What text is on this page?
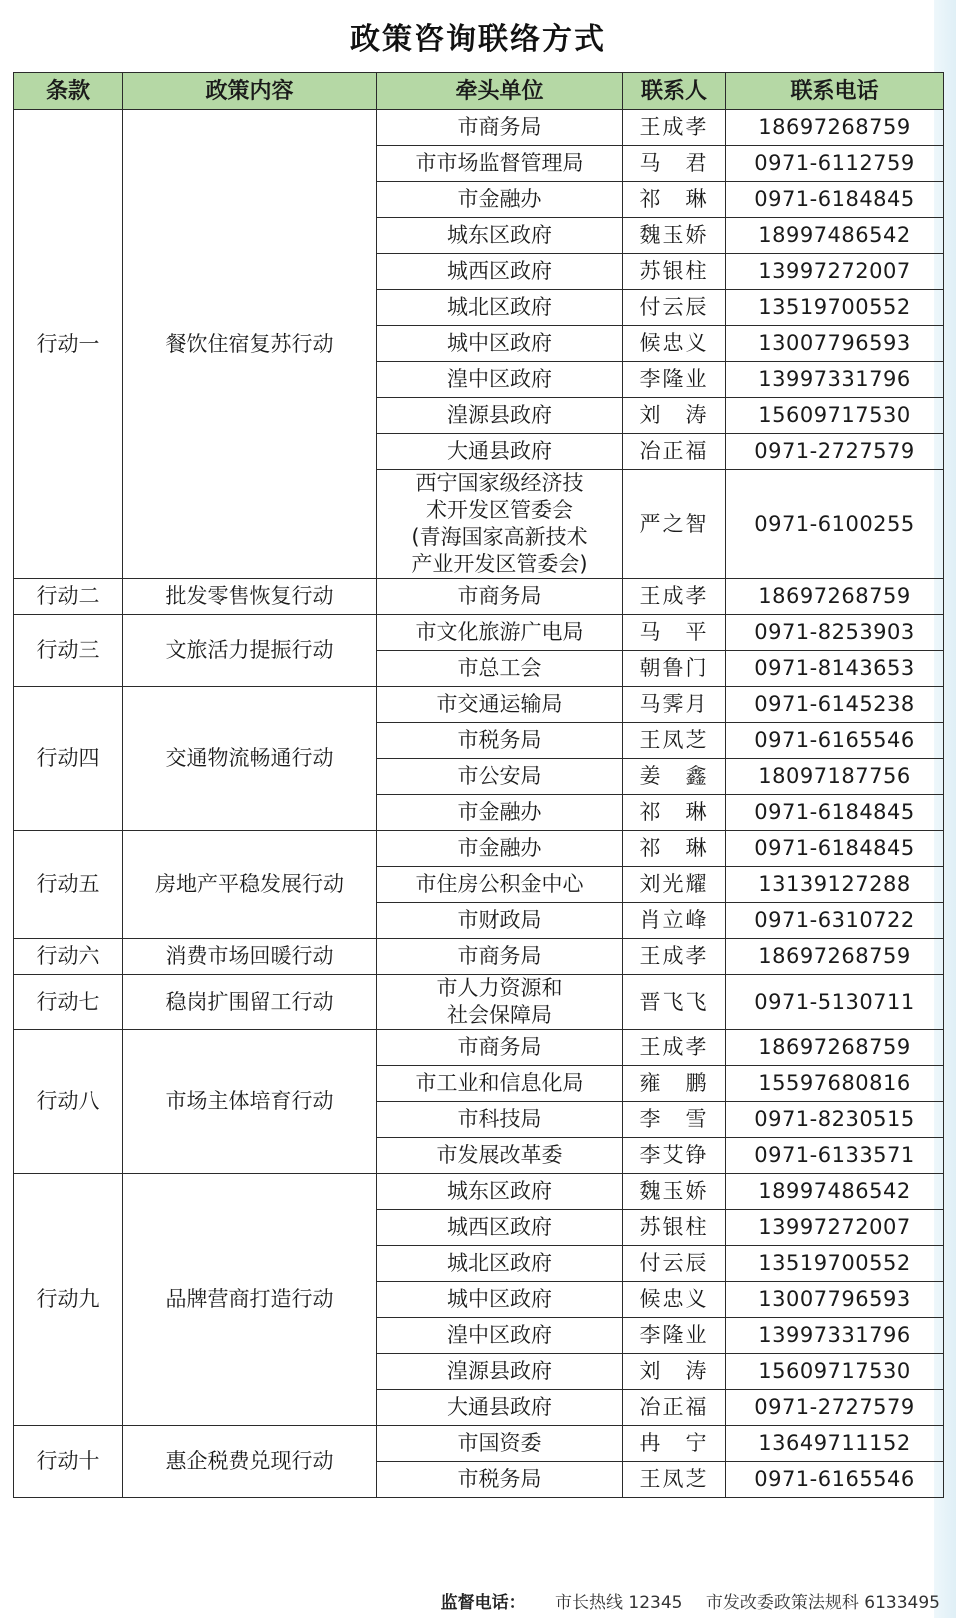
政策咨询联络方式
条款	政策内容	牵头单位	联系人	联系电话
行动一	餐饮住宿复苏行动	市商务局	王成孝	18697268759
		市市场监督管理局	马　君	0971-6112759
		市金融办	祁　琳	0971-6184845
		城东区政府	魏玉娇	18997486542
		城西区政府	苏银柱	13997272007
		城北区政府	付云辰	13519700552
		城中区政府	候忠义	13007796593
		湟中区政府	李隆业	13997331796
		湟源县政府	刘　涛	15609717530
		大通县政府	冶正福	0971-2727579

		西宁国家级经济技
术开发区管委会
(青海国家高新技术
产业开发区管委会)	严之智	0971-6100255
行动二	批发零售恢复行动	市商务局	王成孝	18697268759
行动三	文旅活力提振行动	市文化旅游广电局	马　平	0971-8253903
		市总工会	朝鲁门	0971-8143653
行动四	交通物流畅通行动	市交通运输局	马霁月	0971-6145238
		市税务局	王凤芝	0971-6165546
		市公安局	姜　鑫	18097187756
		市金融办	祁　琳	0971-6184845
行动五	房地产平稳发展行动	市金融办	祁　琳	0971-6184845
		市住房公积金中心	刘光耀	13139127288
		市财政局	肖立峰	0971-6310722
行动六	消费市场回暖行动	市商务局	王成孝	18697268759
行动七	稳岗扩围留工行动	市人力资源和
社会保障局	晋飞飞	0971-5130711
行动八	市场主体培育行动	市商务局	王成孝	18697268759
		市工业和信息化局	雍　鹏	15597680816
		市科技局	李　雪	0971-8230515
		市发展改革委	李艾铮	0971-6133571
行动九	品牌营商打造行动	城东区政府	魏玉娇	18997486542
		城西区政府	苏银柱	13997272007
		城北区政府	付云辰	13519700552
		城中区政府	候忠义	13007796593
		湟中区政府	李隆业	13997331796
		湟源县政府	刘　涛	15609717530
		大通县政府	冶正福	0971-2727579
行动十	惠企税费兑现行动	市国资委	冉　宁	13649711152
		市税务局	王凤芝	0971-6165546
监督电话： 市长热线 12345 市发改委政策法规科 6133495
